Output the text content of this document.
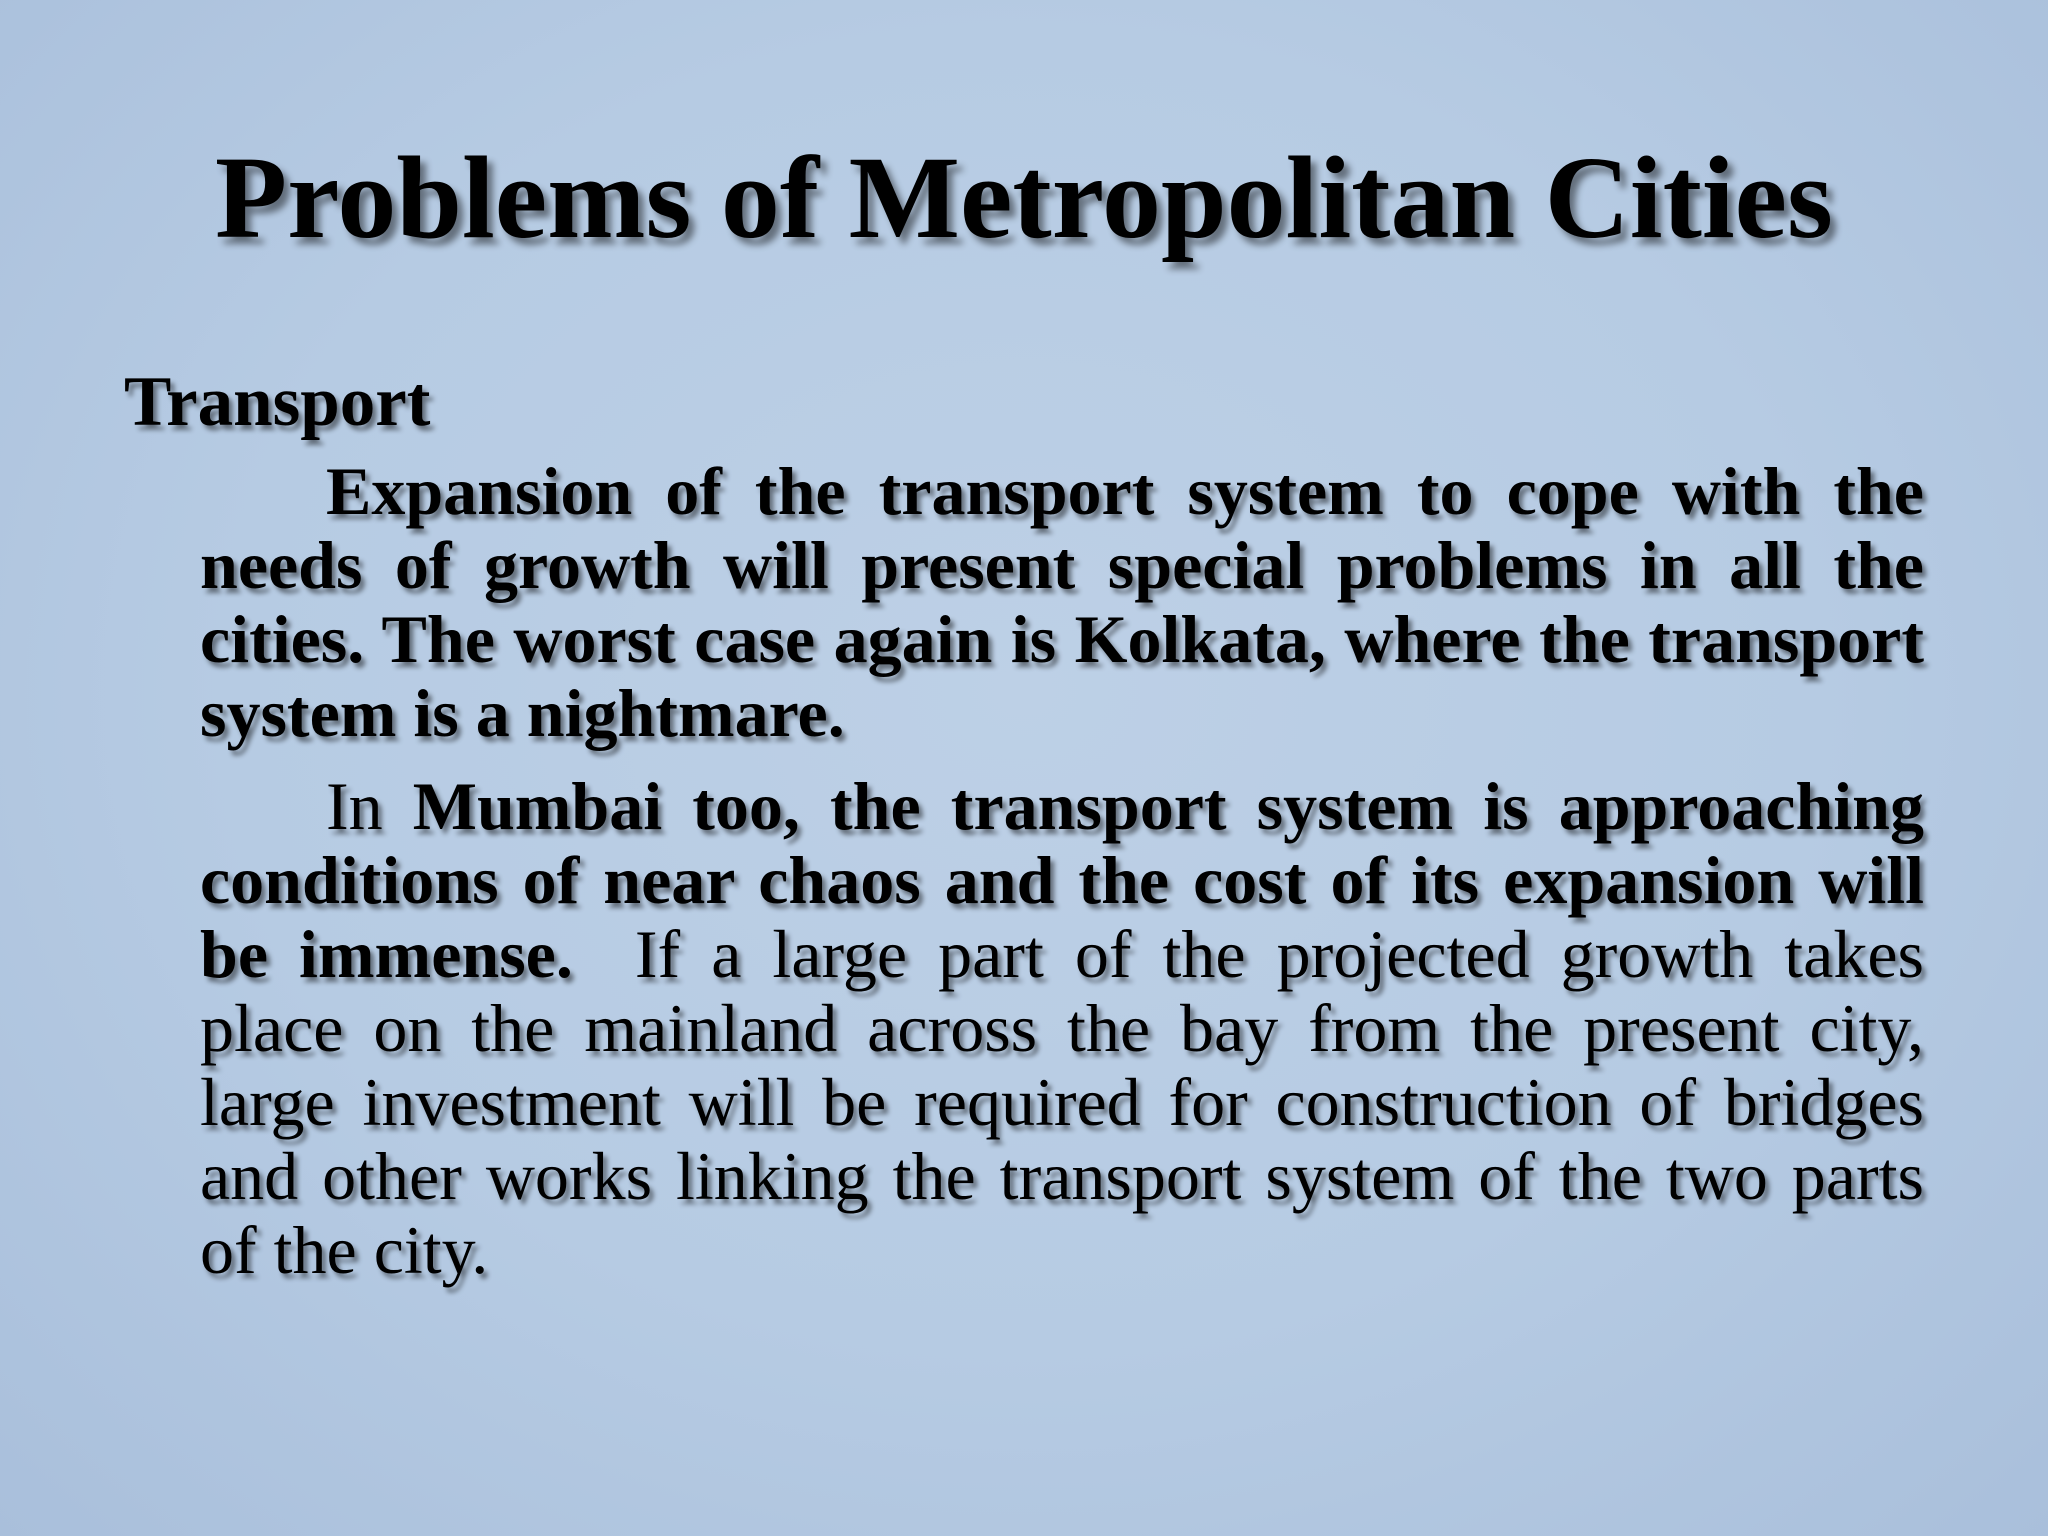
Problems of Metropolitan Cities
Transport

Expansion of the transport system to cope with the needs of growth will present special problems in all the cities. The worst case again is Kolkata, where the transport system is a nightmare.

In Mumbai too, the transport system is approaching conditions of near chaos and the cost of its expansion will be immense.  If a large part of the projected growth takes place on the mainland across the bay from the present city, large investment will be required for construction of bridges and other works linking the transport system of the two parts of the city.
